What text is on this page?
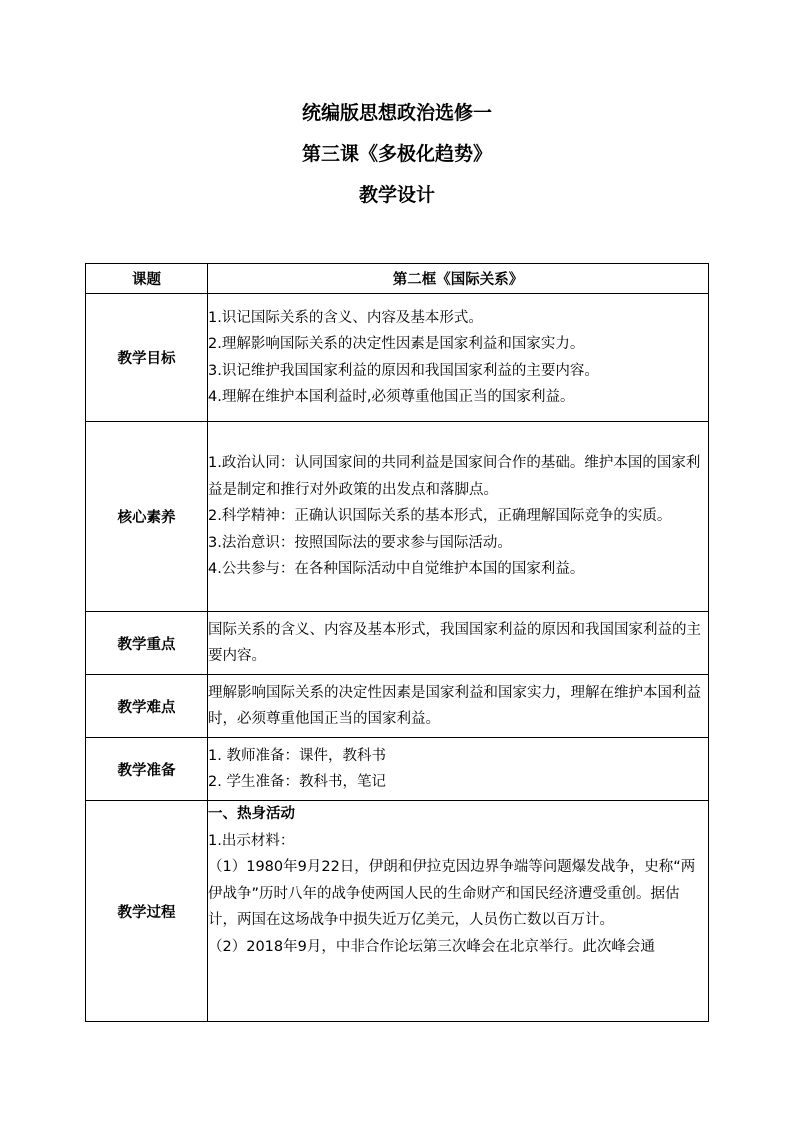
统编版思想政治选修一
第三课《多极化趋势》
教学设计
课题	第二框《国际关系》
教学目标	1.识记国际关系的含义、内容及基本形式。

2.理解影响国际关系的决定性因素是国家利益和国家实力。

3.识记维护我国国家利益的原因和我国国家利益的主要内容。

4.理解在维护本国利益时,必须尊重他国正当的国家利益。

核心素养	1.政治认同：认同国家间的共同利益是国家间合作的基础。维护本国的国家利益是制定和推行对外政策的出发点和落脚点。

2.科学精神：正确认识国际关系的基本形式，正确理解国际竞争的实质。

3.法治意识：按照国际法的要求参与国际活动。

4.公共参与：在各种国际活动中自觉维护本国的国家利益。

教学重点	国际关系的含义、内容及基本形式，我国国家利益的原因和我国国家利益的主要内容。

教学难点	理解影响国际关系的决定性因素是国家利益和国家实力，理解在维护本国利益时，必须尊重他国正当的国家利益。

教学准备	1. 教师准备：课件，教科书

2. 学生准备：教科书，笔记

教学过程	一、热身活动

1.出示材料：

（1）1980年9月22日，伊朗和伊拉克因边界争端等问题爆发战争，史称“两伊战争”历时八年的战争使两国人民的生命财产和国民经济遭受重创。据估计，两国在这场战争中损失近万亿美元，人员伤亡数以百万计。

（2）2018年9月，中非合作论坛第三次峰会在北京举行。此次峰会通
